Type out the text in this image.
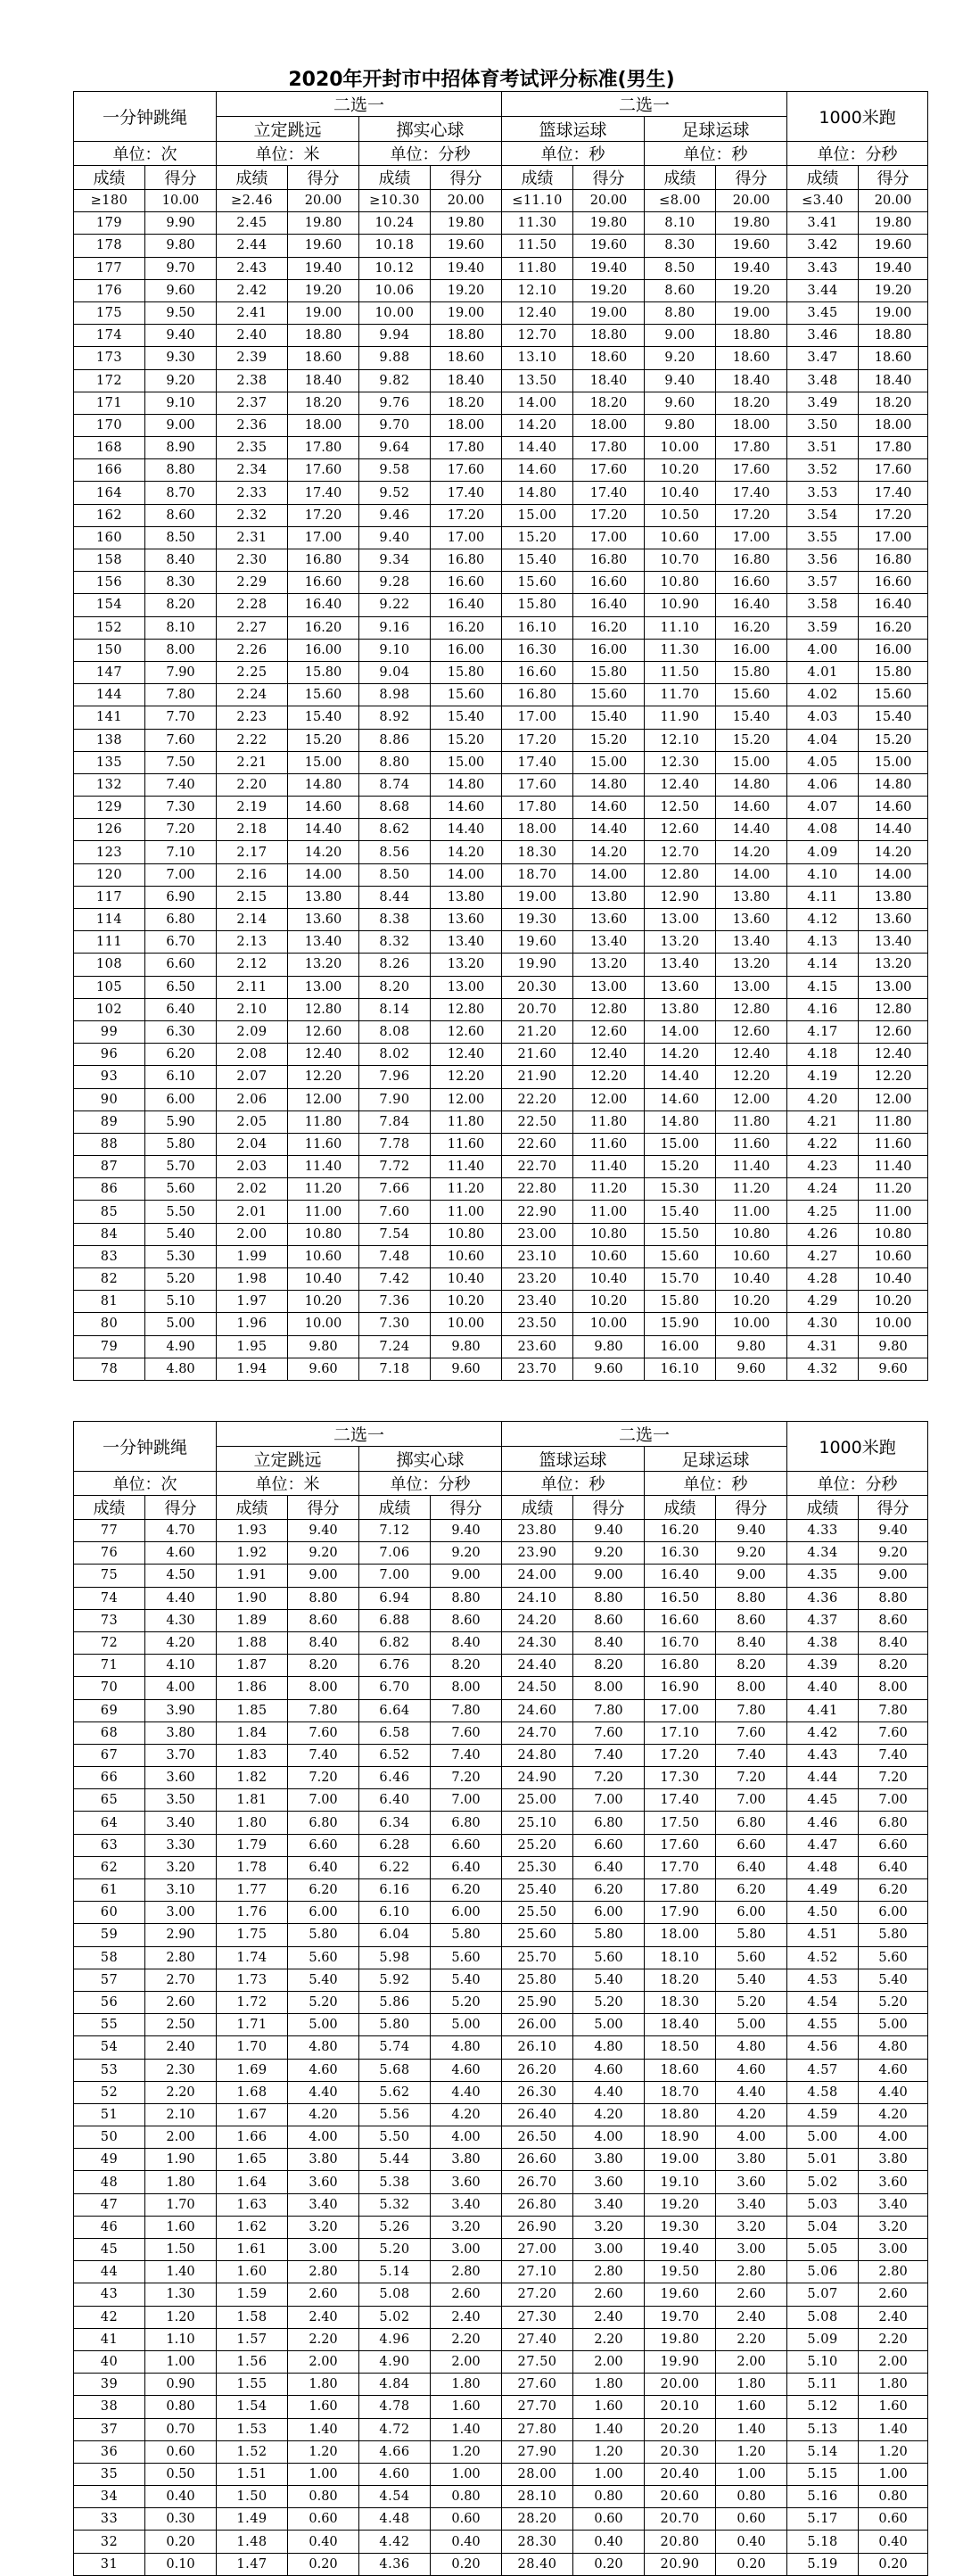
2020年开封市中招体育考试评分标准(男生)
一分钟跳绳		二选一				二选一				1000米跑	
		立定跳远		掷实心球		篮球运球		足球运球			
单位：次		单位：米		单位：分秒		单位：秒		单位：秒		单位：分秒	
成绩	得分	成绩	得分	成绩	得分	成绩	得分	成绩	得分	成绩	得分
≥180	10.00	≥2.46	20.00	≥10.30	20.00	≤11.10	20.00	≤8.00	20.00	≤3.40	20.00
179	9.90	2.45	19.80	10.24	19.80	11.30	19.80	8.10	19.80	3.41	19.80
178	9.80	2.44	19.60	10.18	19.60	11.50	19.60	8.30	19.60	3.42	19.60
177	9.70	2.43	19.40	10.12	19.40	11.80	19.40	8.50	19.40	3.43	19.40
176	9.60	2.42	19.20	10.06	19.20	12.10	19.20	8.60	19.20	3.44	19.20
175	9.50	2.41	19.00	10.00	19.00	12.40	19.00	8.80	19.00	3.45	19.00
174	9.40	2.40	18.80	9.94	18.80	12.70	18.80	9.00	18.80	3.46	18.80
173	9.30	2.39	18.60	9.88	18.60	13.10	18.60	9.20	18.60	3.47	18.60
172	9.20	2.38	18.40	9.82	18.40	13.50	18.40	9.40	18.40	3.48	18.40
171	9.10	2.37	18.20	9.76	18.20	14.00	18.20	9.60	18.20	3.49	18.20
170	9.00	2.36	18.00	9.70	18.00	14.20	18.00	9.80	18.00	3.50	18.00
168	8.90	2.35	17.80	9.64	17.80	14.40	17.80	10.00	17.80	3.51	17.80
166	8.80	2.34	17.60	9.58	17.60	14.60	17.60	10.20	17.60	3.52	17.60
164	8.70	2.33	17.40	9.52	17.40	14.80	17.40	10.40	17.40	3.53	17.40
162	8.60	2.32	17.20	9.46	17.20	15.00	17.20	10.50	17.20	3.54	17.20
160	8.50	2.31	17.00	9.40	17.00	15.20	17.00	10.60	17.00	3.55	17.00
158	8.40	2.30	16.80	9.34	16.80	15.40	16.80	10.70	16.80	3.56	16.80
156	8.30	2.29	16.60	9.28	16.60	15.60	16.60	10.80	16.60	3.57	16.60
154	8.20	2.28	16.40	9.22	16.40	15.80	16.40	10.90	16.40	3.58	16.40
152	8.10	2.27	16.20	9.16	16.20	16.10	16.20	11.10	16.20	3.59	16.20
150	8.00	2.26	16.00	9.10	16.00	16.30	16.00	11.30	16.00	4.00	16.00
147	7.90	2.25	15.80	9.04	15.80	16.60	15.80	11.50	15.80	4.01	15.80
144	7.80	2.24	15.60	8.98	15.60	16.80	15.60	11.70	15.60	4.02	15.60
141	7.70	2.23	15.40	8.92	15.40	17.00	15.40	11.90	15.40	4.03	15.40
138	7.60	2.22	15.20	8.86	15.20	17.20	15.20	12.10	15.20	4.04	15.20
135	7.50	2.21	15.00	8.80	15.00	17.40	15.00	12.30	15.00	4.05	15.00
132	7.40	2.20	14.80	8.74	14.80	17.60	14.80	12.40	14.80	4.06	14.80
129	7.30	2.19	14.60	8.68	14.60	17.80	14.60	12.50	14.60	4.07	14.60
126	7.20	2.18	14.40	8.62	14.40	18.00	14.40	12.60	14.40	4.08	14.40
123	7.10	2.17	14.20	8.56	14.20	18.30	14.20	12.70	14.20	4.09	14.20
120	7.00	2.16	14.00	8.50	14.00	18.70	14.00	12.80	14.00	4.10	14.00
117	6.90	2.15	13.80	8.44	13.80	19.00	13.80	12.90	13.80	4.11	13.80
114	6.80	2.14	13.60	8.38	13.60	19.30	13.60	13.00	13.60	4.12	13.60
111	6.70	2.13	13.40	8.32	13.40	19.60	13.40	13.20	13.40	4.13	13.40
108	6.60	2.12	13.20	8.26	13.20	19.90	13.20	13.40	13.20	4.14	13.20
105	6.50	2.11	13.00	8.20	13.00	20.30	13.00	13.60	13.00	4.15	13.00
102	6.40	2.10	12.80	8.14	12.80	20.70	12.80	13.80	12.80	4.16	12.80
99	6.30	2.09	12.60	8.08	12.60	21.20	12.60	14.00	12.60	4.17	12.60
96	6.20	2.08	12.40	8.02	12.40	21.60	12.40	14.20	12.40	4.18	12.40
93	6.10	2.07	12.20	7.96	12.20	21.90	12.20	14.40	12.20	4.19	12.20
90	6.00	2.06	12.00	7.90	12.00	22.20	12.00	14.60	12.00	4.20	12.00
89	5.90	2.05	11.80	7.84	11.80	22.50	11.80	14.80	11.80	4.21	11.80
88	5.80	2.04	11.60	7.78	11.60	22.60	11.60	15.00	11.60	4.22	11.60
87	5.70	2.03	11.40	7.72	11.40	22.70	11.40	15.20	11.40	4.23	11.40
86	5.60	2.02	11.20	7.66	11.20	22.80	11.20	15.30	11.20	4.24	11.20
85	5.50	2.01	11.00	7.60	11.00	22.90	11.00	15.40	11.00	4.25	11.00
84	5.40	2.00	10.80	7.54	10.80	23.00	10.80	15.50	10.80	4.26	10.80
83	5.30	1.99	10.60	7.48	10.60	23.10	10.60	15.60	10.60	4.27	10.60
82	5.20	1.98	10.40	7.42	10.40	23.20	10.40	15.70	10.40	4.28	10.40
81	5.10	1.97	10.20	7.36	10.20	23.40	10.20	15.80	10.20	4.29	10.20
80	5.00	1.96	10.00	7.30	10.00	23.50	10.00	15.90	10.00	4.30	10.00
79	4.90	1.95	9.80	7.24	9.80	23.60	9.80	16.00	9.80	4.31	9.80
78	4.80	1.94	9.60	7.18	9.60	23.70	9.60	16.10	9.60	4.32	9.60
一分钟跳绳		二选一				二选一				1000米跑	
		立定跳远		掷实心球		篮球运球		足球运球			
单位：次		单位：米		单位：分秒		单位：秒		单位：秒		单位：分秒	
成绩	得分	成绩	得分	成绩	得分	成绩	得分	成绩	得分	成绩	得分
77	4.70	1.93	9.40	7.12	9.40	23.80	9.40	16.20	9.40	4.33	9.40
76	4.60	1.92	9.20	7.06	9.20	23.90	9.20	16.30	9.20	4.34	9.20
75	4.50	1.91	9.00	7.00	9.00	24.00	9.00	16.40	9.00	4.35	9.00
74	4.40	1.90	8.80	6.94	8.80	24.10	8.80	16.50	8.80	4.36	8.80
73	4.30	1.89	8.60	6.88	8.60	24.20	8.60	16.60	8.60	4.37	8.60
72	4.20	1.88	8.40	6.82	8.40	24.30	8.40	16.70	8.40	4.38	8.40
71	4.10	1.87	8.20	6.76	8.20	24.40	8.20	16.80	8.20	4.39	8.20
70	4.00	1.86	8.00	6.70	8.00	24.50	8.00	16.90	8.00	4.40	8.00
69	3.90	1.85	7.80	6.64	7.80	24.60	7.80	17.00	7.80	4.41	7.80
68	3.80	1.84	7.60	6.58	7.60	24.70	7.60	17.10	7.60	4.42	7.60
67	3.70	1.83	7.40	6.52	7.40	24.80	7.40	17.20	7.40	4.43	7.40
66	3.60	1.82	7.20	6.46	7.20	24.90	7.20	17.30	7.20	4.44	7.20
65	3.50	1.81	7.00	6.40	7.00	25.00	7.00	17.40	7.00	4.45	7.00
64	3.40	1.80	6.80	6.34	6.80	25.10	6.80	17.50	6.80	4.46	6.80
63	3.30	1.79	6.60	6.28	6.60	25.20	6.60	17.60	6.60	4.47	6.60
62	3.20	1.78	6.40	6.22	6.40	25.30	6.40	17.70	6.40	4.48	6.40
61	3.10	1.77	6.20	6.16	6.20	25.40	6.20	17.80	6.20	4.49	6.20
60	3.00	1.76	6.00	6.10	6.00	25.50	6.00	17.90	6.00	4.50	6.00
59	2.90	1.75	5.80	6.04	5.80	25.60	5.80	18.00	5.80	4.51	5.80
58	2.80	1.74	5.60	5.98	5.60	25.70	5.60	18.10	5.60	4.52	5.60
57	2.70	1.73	5.40	5.92	5.40	25.80	5.40	18.20	5.40	4.53	5.40
56	2.60	1.72	5.20	5.86	5.20	25.90	5.20	18.30	5.20	4.54	5.20
55	2.50	1.71	5.00	5.80	5.00	26.00	5.00	18.40	5.00	4.55	5.00
54	2.40	1.70	4.80	5.74	4.80	26.10	4.80	18.50	4.80	4.56	4.80
53	2.30	1.69	4.60	5.68	4.60	26.20	4.60	18.60	4.60	4.57	4.60
52	2.20	1.68	4.40	5.62	4.40	26.30	4.40	18.70	4.40	4.58	4.40
51	2.10	1.67	4.20	5.56	4.20	26.40	4.20	18.80	4.20	4.59	4.20
50	2.00	1.66	4.00	5.50	4.00	26.50	4.00	18.90	4.00	5.00	4.00
49	1.90	1.65	3.80	5.44	3.80	26.60	3.80	19.00	3.80	5.01	3.80
48	1.80	1.64	3.60	5.38	3.60	26.70	3.60	19.10	3.60	5.02	3.60
47	1.70	1.63	3.40	5.32	3.40	26.80	3.40	19.20	3.40	5.03	3.40
46	1.60	1.62	3.20	5.26	3.20	26.90	3.20	19.30	3.20	5.04	3.20
45	1.50	1.61	3.00	5.20	3.00	27.00	3.00	19.40	3.00	5.05	3.00
44	1.40	1.60	2.80	5.14	2.80	27.10	2.80	19.50	2.80	5.06	2.80
43	1.30	1.59	2.60	5.08	2.60	27.20	2.60	19.60	2.60	5.07	2.60
42	1.20	1.58	2.40	5.02	2.40	27.30	2.40	19.70	2.40	5.08	2.40
41	1.10	1.57	2.20	4.96	2.20	27.40	2.20	19.80	2.20	5.09	2.20
40	1.00	1.56	2.00	4.90	2.00	27.50	2.00	19.90	2.00	5.10	2.00
39	0.90	1.55	1.80	4.84	1.80	27.60	1.80	20.00	1.80	5.11	1.80
38	0.80	1.54	1.60	4.78	1.60	27.70	1.60	20.10	1.60	5.12	1.60
37	0.70	1.53	1.40	4.72	1.40	27.80	1.40	20.20	1.40	5.13	1.40
36	0.60	1.52	1.20	4.66	1.20	27.90	1.20	20.30	1.20	5.14	1.20
35	0.50	1.51	1.00	4.60	1.00	28.00	1.00	20.40	1.00	5.15	1.00
34	0.40	1.50	0.80	4.54	0.80	28.10	0.80	20.60	0.80	5.16	0.80
33	0.30	1.49	0.60	4.48	0.60	28.20	0.60	20.70	0.60	5.17	0.60
32	0.20	1.48	0.40	4.42	0.40	28.30	0.40	20.80	0.40	5.18	0.40
31	0.10	1.47	0.20	4.36	0.20	28.40	0.20	20.90	0.20	5.19	0.20
